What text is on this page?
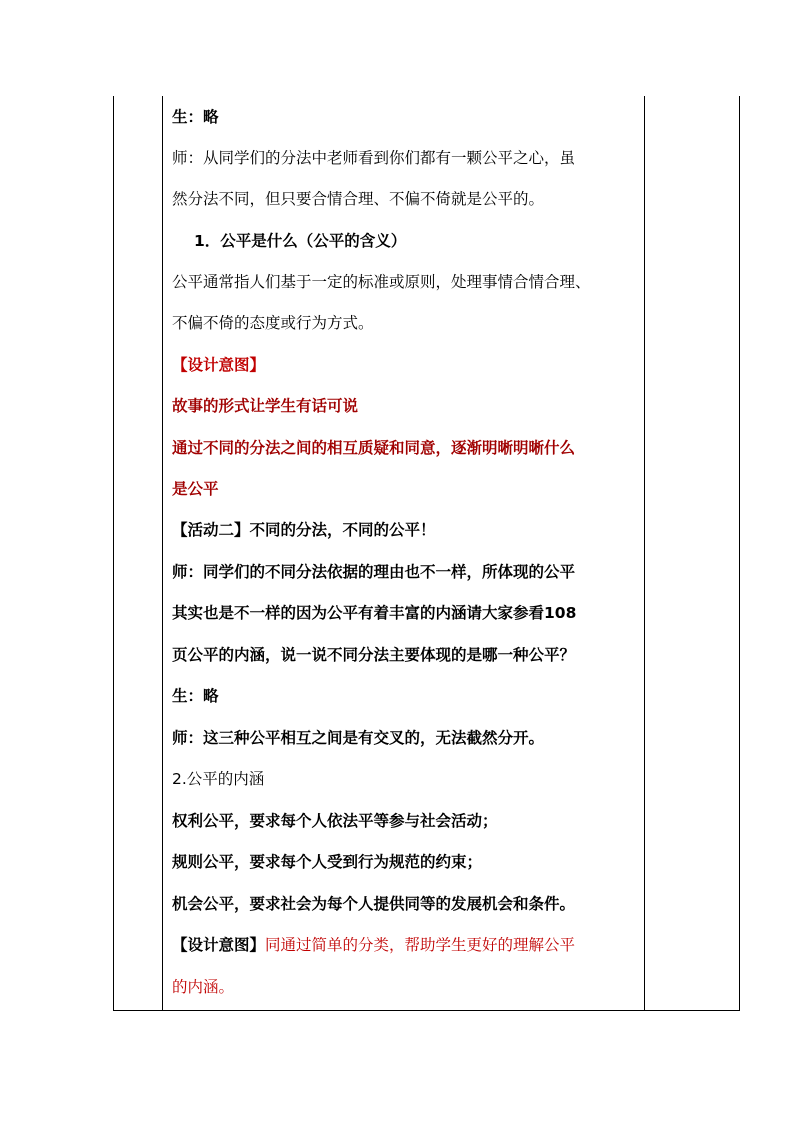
生：略
师：从同学们的分法中老师看到你们都有一颗公平之心，虽
然分法不同，但只要合情合理、不偏不倚就是公平的。
1．公平是什么（公平的含义）
公平通常指人们基于一定的标准或原则，处理事情合情合理、
不偏不倚的态度或行为方式。
【设计意图】
故事的形式让学生有话可说
通过不同的分法之间的相互质疑和同意，逐渐明晰明晰什么
是公平
【活动二】不同的分法，不同的公平！
师：同学们的不同分法依据的理由也不一样，所体现的公平
其实也是不一样的因为公平有着丰富的内涵请大家参看108
页公平的内涵，说一说不同分法主要体现的是哪一种公平？
生：略
师：这三种公平相互之间是有交叉的，无法截然分开。
2.公平的内涵
权利公平，要求每个人依法平等参与社会活动；
规则公平，要求每个人受到行为规范的约束；
机会公平，要求社会为每个人提供同等的发展机会和条件。
【设计意图】同通过简单的分类，帮助学生更好的理解公平
的内涵。
